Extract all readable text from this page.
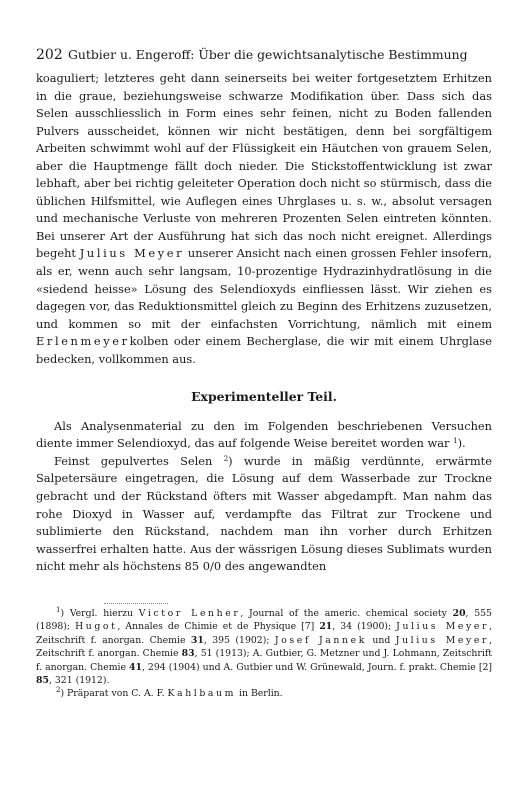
202 Gutbier u. Engeroff: Über die gewichtsanalytische Bestimmung

koaguliert; letzteres geht dann seinerseits bei weiter fortgesetztem Erhitzen in die graue, beziehungsweise schwarze Modifikation über. Dass sich das Selen ausschliesslich in Form eines sehr feinen, nicht zu Boden fallenden Pulvers ausscheidet, können wir nicht bestätigen, denn bei sorgfältigem Arbeiten schwimmt wohl auf der Flüssigkeit ein Häutchen von grauem Selen, aber die Hauptmenge fällt doch nieder. Die Stickstoffentwicklung ist zwar lebhaft, aber bei richtig geleiteter Operation doch nicht so stürmisch, dass die üblichen Hilfsmittel, wie Auflegen eines Uhrglases u. s. w., absolut versagen und mechanische Verluste von mehreren Prozenten Selen eintreten könnten. Bei unserer Art der Ausführung hat sich das noch nicht ereignet. Allerdings begeht Julius Meyer unserer Ansicht nach einen grossen Fehler insofern, als er, wenn auch sehr langsam, 10-prozentige Hydrazinhydratlösung in die «siedend heisse» Lösung des Selendioxyds einfliessen lässt. Wir ziehen es dagegen vor, das Reduktionsmittel gleich zu Beginn des Erhitzens zuzusetzen, und kommen so mit der einfachsten Vorrichtung, nämlich mit einem Erlenmeyerkolben oder einem Becherglase, die wir mit einem Uhrglase bedecken, vollkommen aus.

Experimenteller Teil.

Als Analysenmaterial zu den im Folgenden beschriebenen Versuchen diente immer Selendioxyd, das auf folgende Weise bereitet worden war $^1$).

Feinst gepulvertes Selen $^2$) wurde in mäßig verdünnte, erwärmte Salpetersäure eingetragen, die Lösung auf dem Wasserbade zur Trockne gebracht und der Rückstand öfters mit Wasser abgedampft. Man nahm das rohe Dioxyd in Wasser auf, verdampfte das Filtrat zur Trockene und sublimierte den Rückstand, nachdem man ihn vorher durch Erhitzen wasserfrei erhalten hatte. Aus der wässrigen Lösung dieses Sublimats wurden nicht mehr als höchstens 85 0/0 des angewandten

$^1$) Vergl. hierzu Victor Lenher, Journal of the americ. chemical society 20, 555 (1898); Hugot, Annales de Chimie et de Physique [7] 21, 34 (1900); Julius Meyer, Zeitschrift f. anorgan. Chemie 31, 395 (1902); Josef Jannek und Julius Meyer, Zeitschrift f. anorgan. Chemie 83, 51 (1913); A. Gutbier, G. Metzner und J. Lohmann, Zeitschrift f. anorgan. Chemie 41, 294 (1904) und A. Gutbier und W. Grünewald, Journ. f. prakt. Chemie [2] 85, 321 (1912).

$^2$) Präparat von C. A. F. Kahlbaum in Berlin.
